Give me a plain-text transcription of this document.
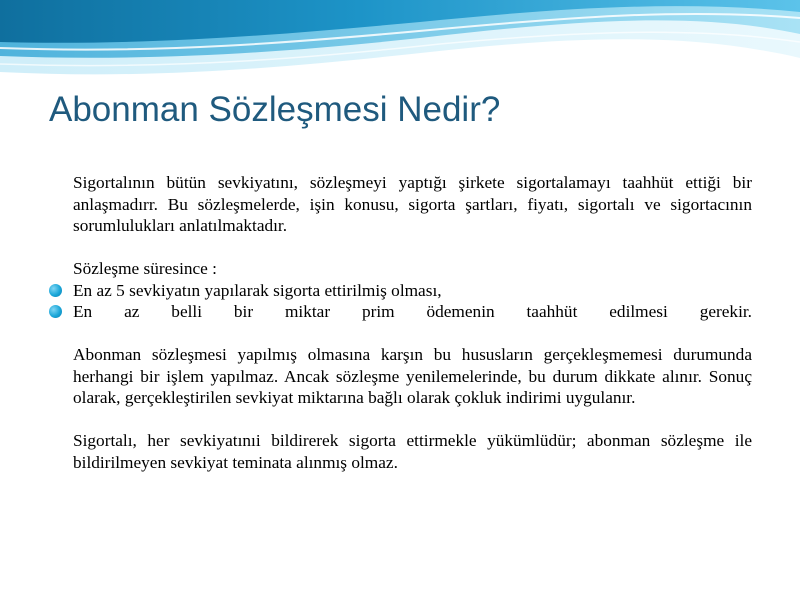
Abonman Sözleşmesi Nedir?

Sigortalının bütün sevkiyatını, sözleşmeyi yaptığı şirkete sigortalamayı taahhüt ettiği bir anlaşmadırr. Bu sözleşmelerde, işin konusu, sigorta şartları, fiyatı, sigortalı ve sigortacının sorumlulukları anlatılmaktadır.

Sözleşme süresince :

En az 5 sevkiyatın yapılarak sigorta ettirilmiş olması,
En az belli bir miktar prim ödemenin taahhüt edilmesi gerekir.

Abonman sözleşmesi yapılmış olmasına karşın bu hususların gerçekleşmemesi durumunda herhangi bir işlem yapılmaz. Ancak sözleşme yenilemelerinde, bu durum dikkate alınır. Sonuç olarak, gerçekleştirilen sevkiyat miktarına bağlı olarak çokluk indirimi uygulanır.

Sigortalı, her sevkiyatınıi bildirerek sigorta ettirmekle yükümlüdür; abonman sözleşme ile bildirilmeyen sevkiyat teminata alınmış olmaz.
